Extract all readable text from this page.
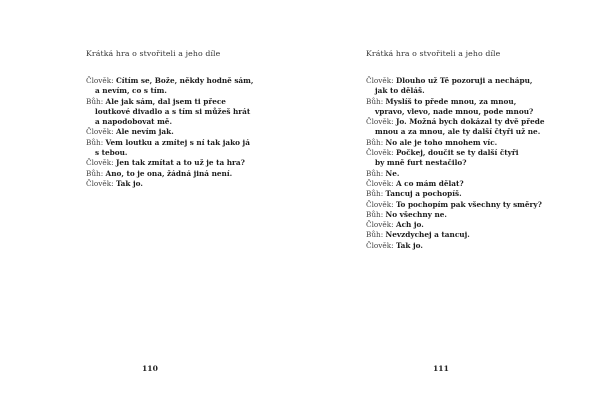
Krátká hra o stvořiteli a jeho díle
Člověk: Cítím se, Bože, někdy hodně sám,
a nevím, co s tím.
Bůh: Ale jak sám, dal jsem ti přece
loutkové divadlo a s tím si můžeš hrát
a napodobovat mě.
Člověk: Ale nevím jak.
Bůh: Vem loutku a zmítej s ní tak jako já
s tebou.
Člověk: Jen tak zmítat a to už je ta hra?
Bůh: Ano, to je ona, žádná jiná není.
Člověk: Tak jo.
110
Krátká hra o stvořiteli a jeho díle
Člověk: Dlouho už Tě pozoruji a nechápu,
jak to děláš.
Bůh: Myslíš to přede mnou, za mnou,
vpravo, vlevo, nade mnou, pode mnou?
Člověk: Jo. Možná bych dokázal ty dvě přede
mnou a za mnou, ale ty další čtyři už ne.
Bůh: No ale je toho mnohem víc.
Člověk: Počkej, doučit se ty další čtyři
by mně furt nestačilo?
Bůh: Ne.
Člověk: A co mám dělat?
Bůh: Tancuj a pochopíš.
Člověk: To pochopím pak všechny ty směry?
Bůh: No všechny ne.
Člověk: Ach jo.
Bůh: Nevzdychej a tancuj.
Člověk: Tak jo.
111
